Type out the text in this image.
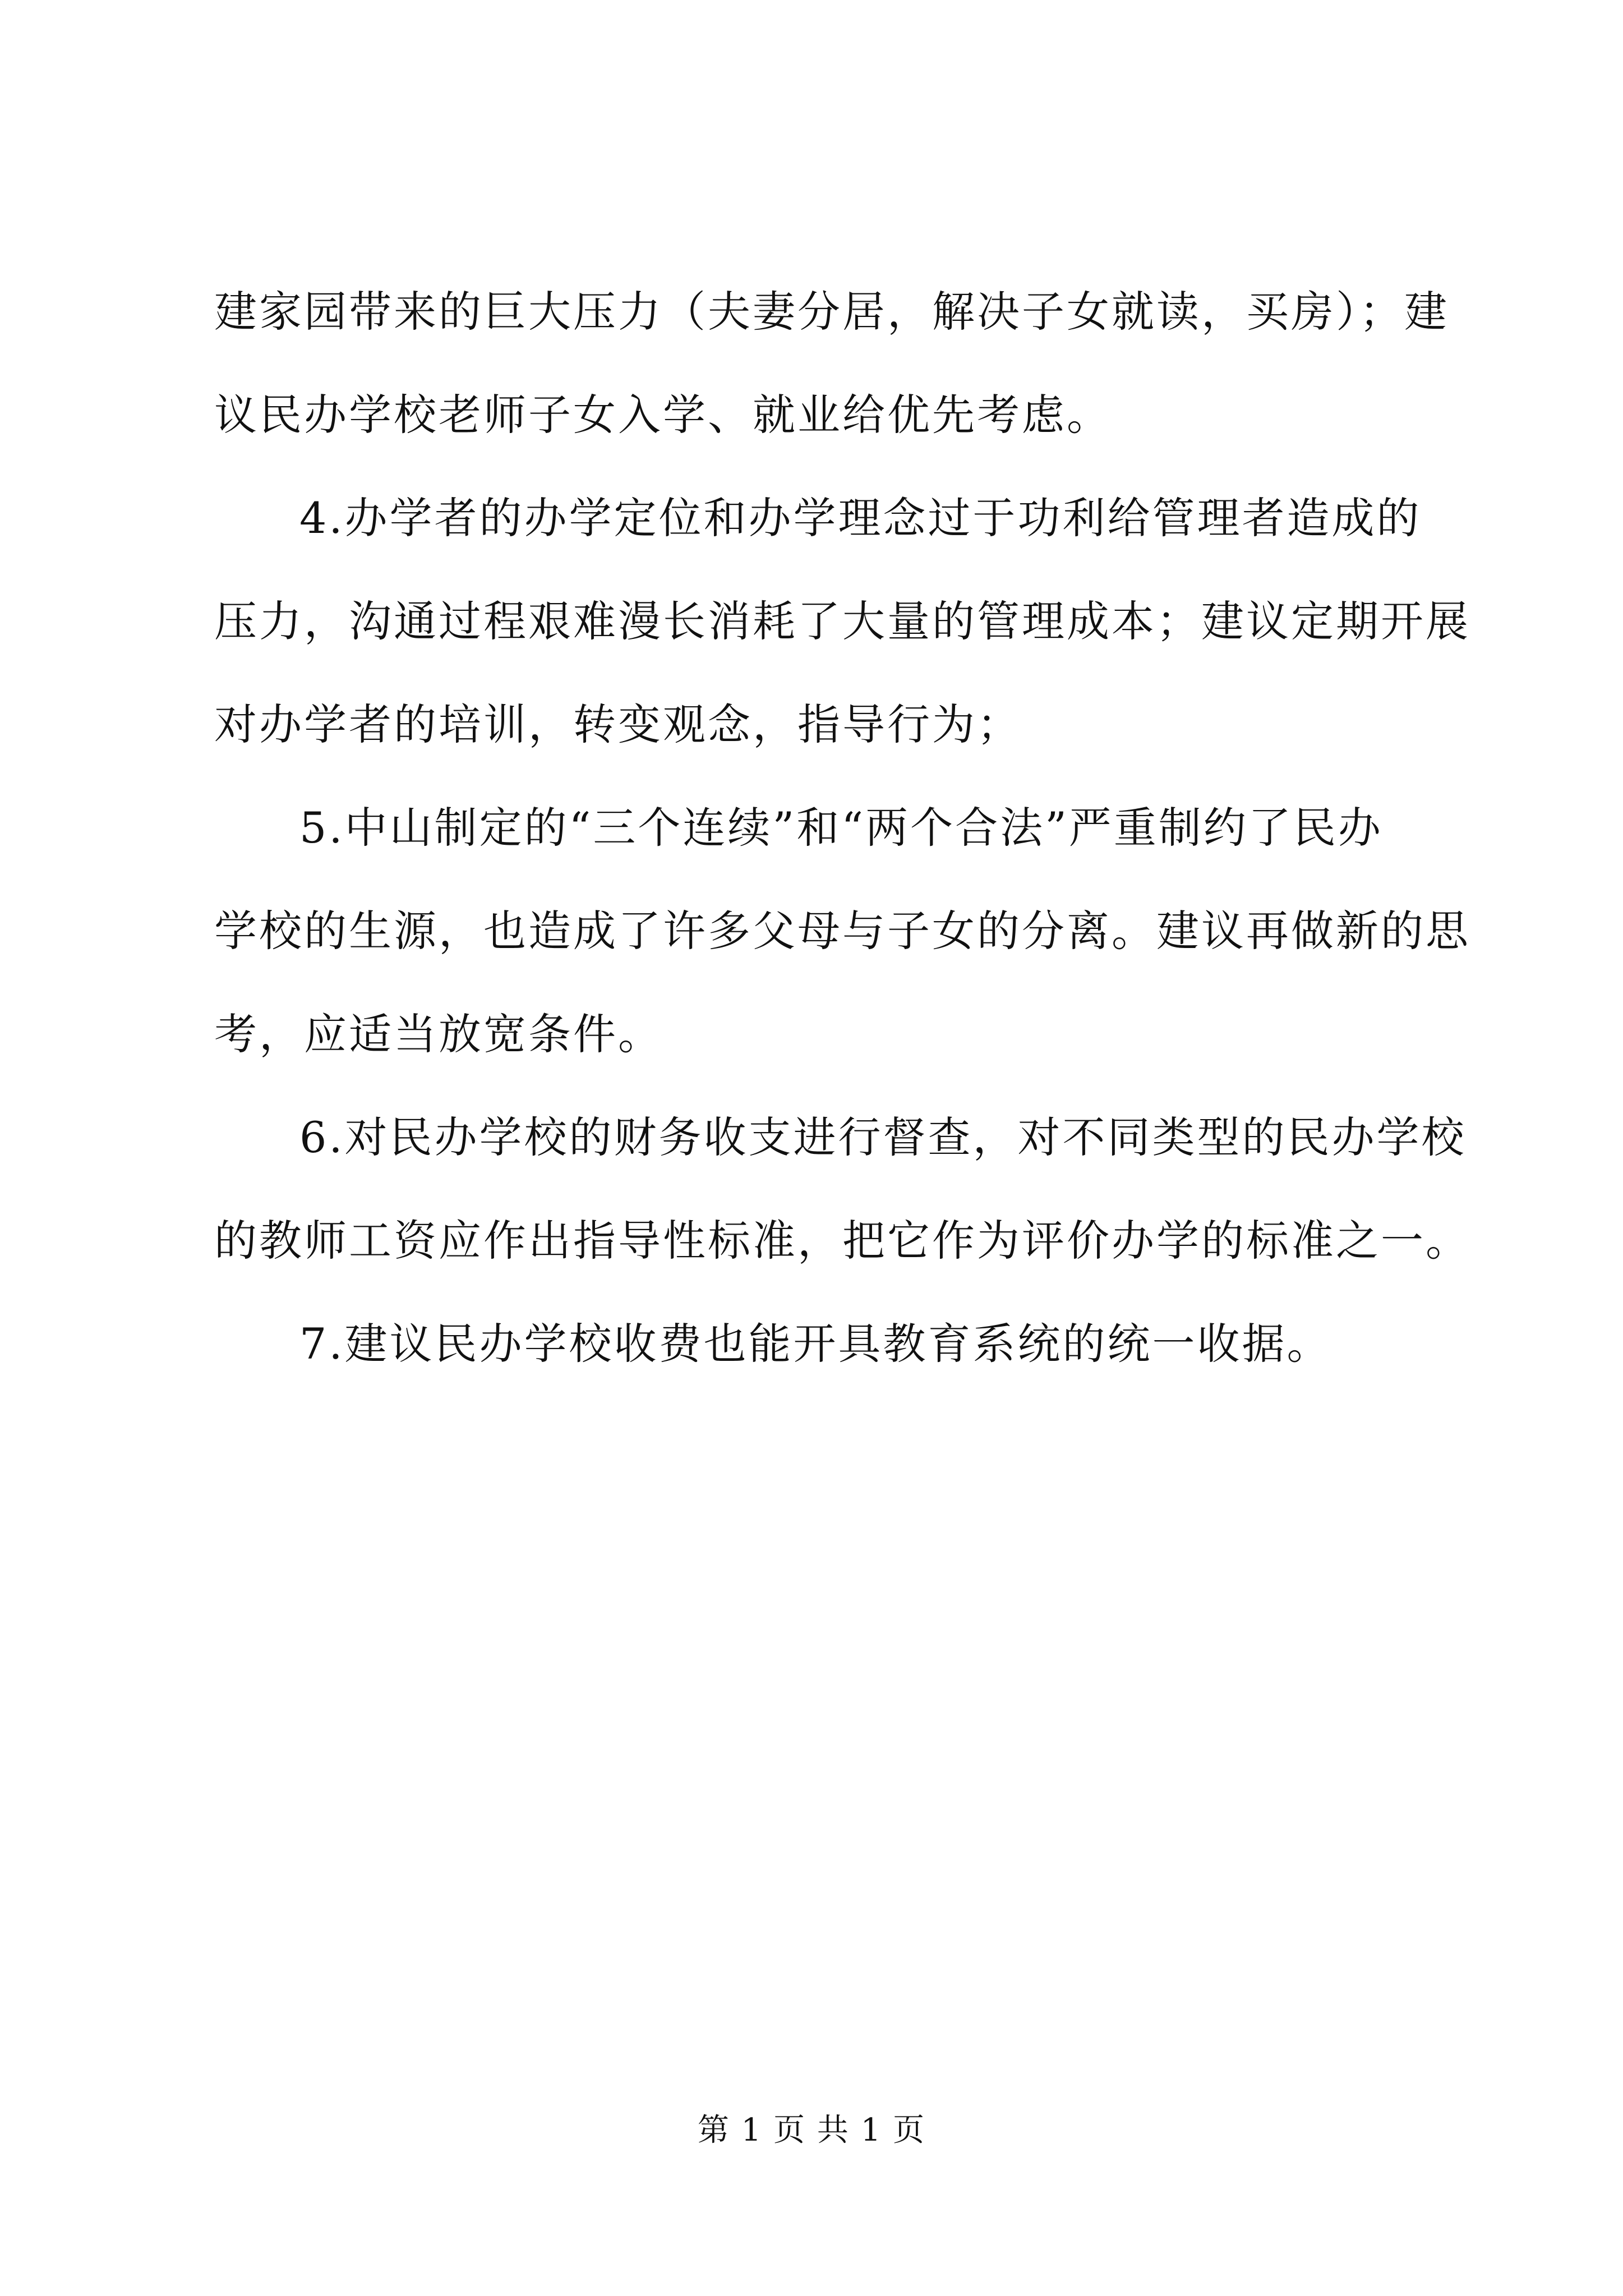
建家园带来的巨大压力（夫妻分居，解决子女就读，买房）；建
议民办学校老师子女入学、就业给优先考虑。
4.办学者的办学定位和办学理念过于功利给管理者造成的
压力，沟通过程艰难漫长消耗了大量的管理成本；建议定期开展
对办学者的培训，转变观念，指导行为；
5.中山制定的“三个连续”和“两个合法”严重制约了民办
学校的生源，也造成了许多父母与子女的分离。建议再做新的思
考，应适当放宽条件。
6.对民办学校的财务收支进行督查，对不同类型的民办学校
的教师工资应作出指导性标准，把它作为评价办学的标准之一。
7.建议民办学校收费也能开具教育系统的统一收据。
第 1 页 共 1 页
